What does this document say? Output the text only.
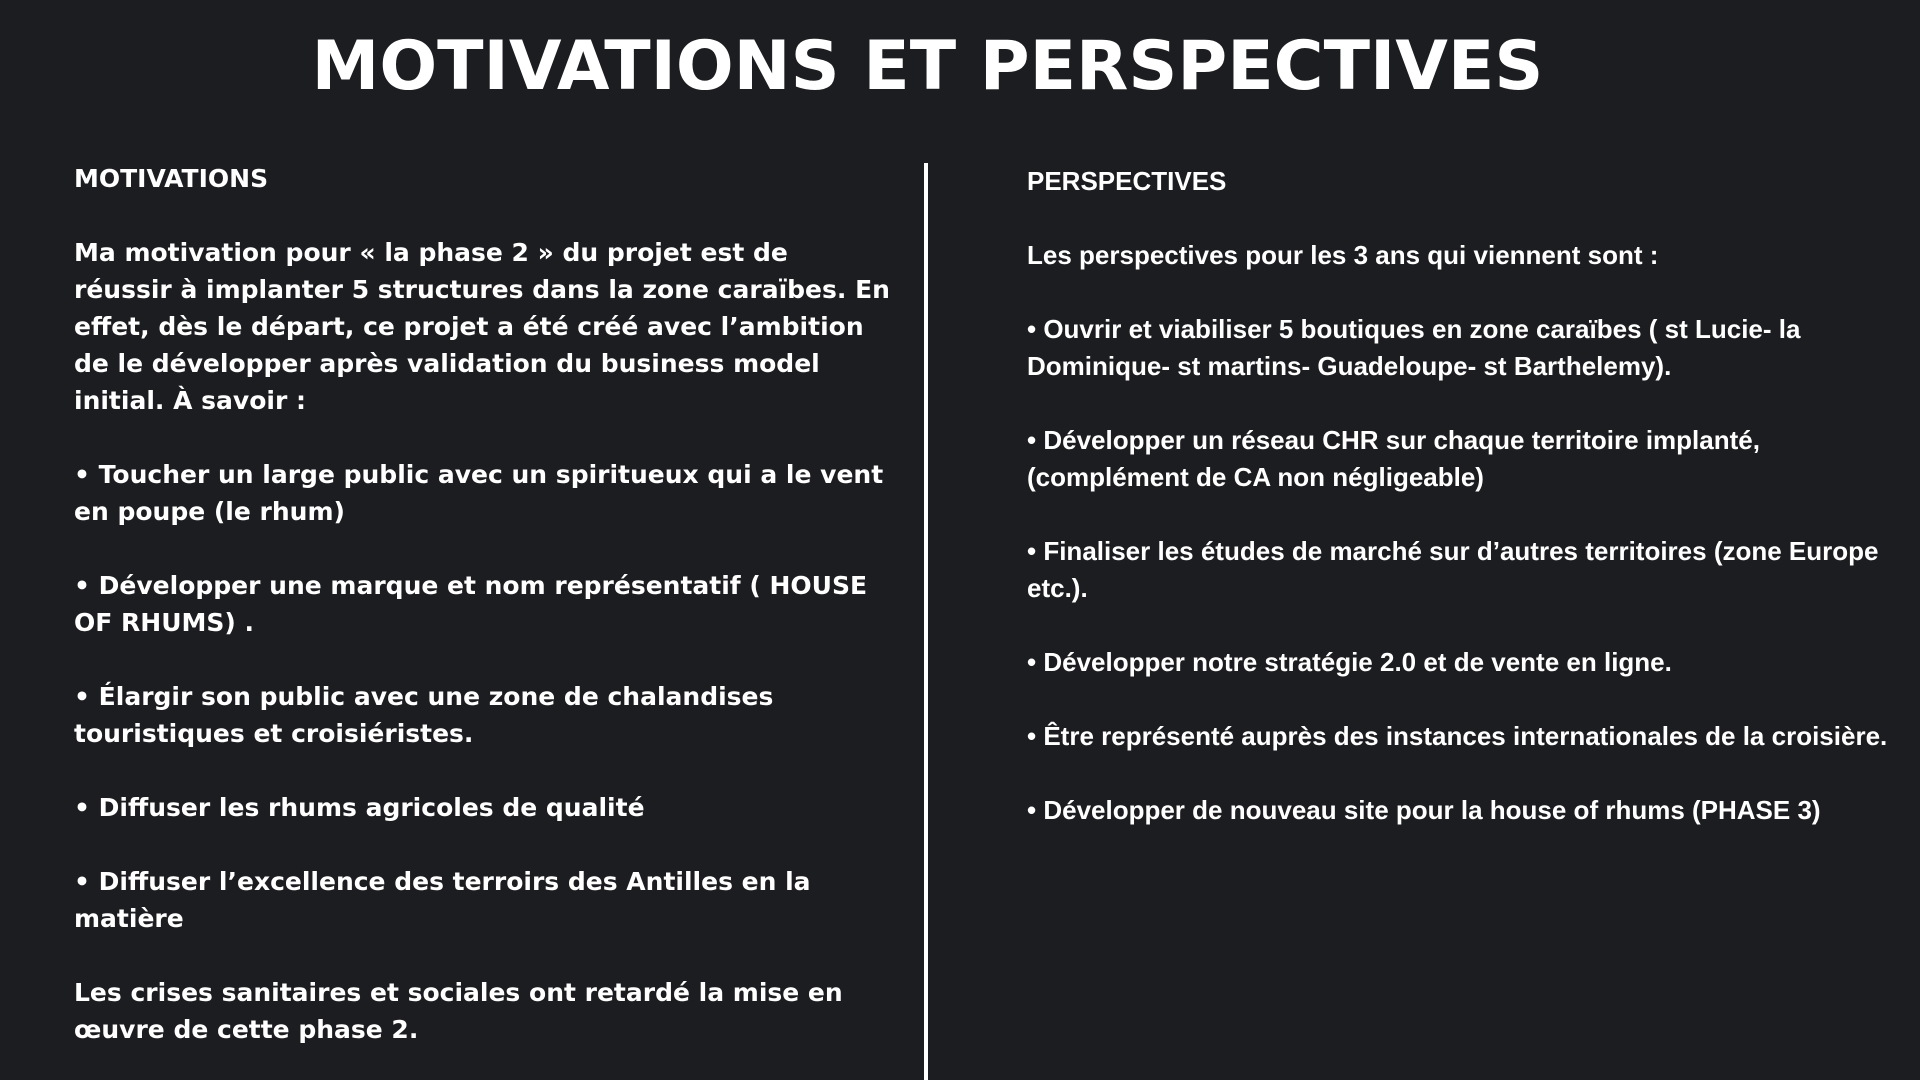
MOTIVATIONS ET PERSPECTIVES

MOTIVATIONS

Ma motivation pour « la phase 2 » du projet est de réussir à implanter 5 structures dans la zone caraïbes. En effet, dès le départ, ce projet a été créé avec l’ambition de le développer après validation du business model initial. À savoir :

• Toucher un large public avec un spiritueux qui a le vent en poupe (le rhum)

• Développer une marque et nom représentatif ( HOUSE OF RHUMS) .

• Élargir son public avec une zone de chalandises touristiques et croisiéristes.

• Diffuser les rhums agricoles de qualité

• Diffuser l’excellence des terroirs des Antilles en la matière

Les crises sanitaires et sociales ont retardé la mise en œuvre de cette phase 2.

PERSPECTIVES

Les perspectives pour les 3 ans qui viennent sont :

• Ouvrir et viabiliser 5 boutiques en zone caraïbes ( st Lucie- la Dominique- st martins- Guadeloupe- st Barthelemy).

• Développer un réseau CHR sur chaque territoire implanté, (complément de CA non négligeable)

• Finaliser les études de marché sur d’autres territoires (zone Europe etc.).

• Développer notre stratégie 2.0 et de vente en ligne.

• Être représenté auprès des instances internationales de la croisière.

• Développer de nouveau site pour la house of rhums (PHASE 3)
